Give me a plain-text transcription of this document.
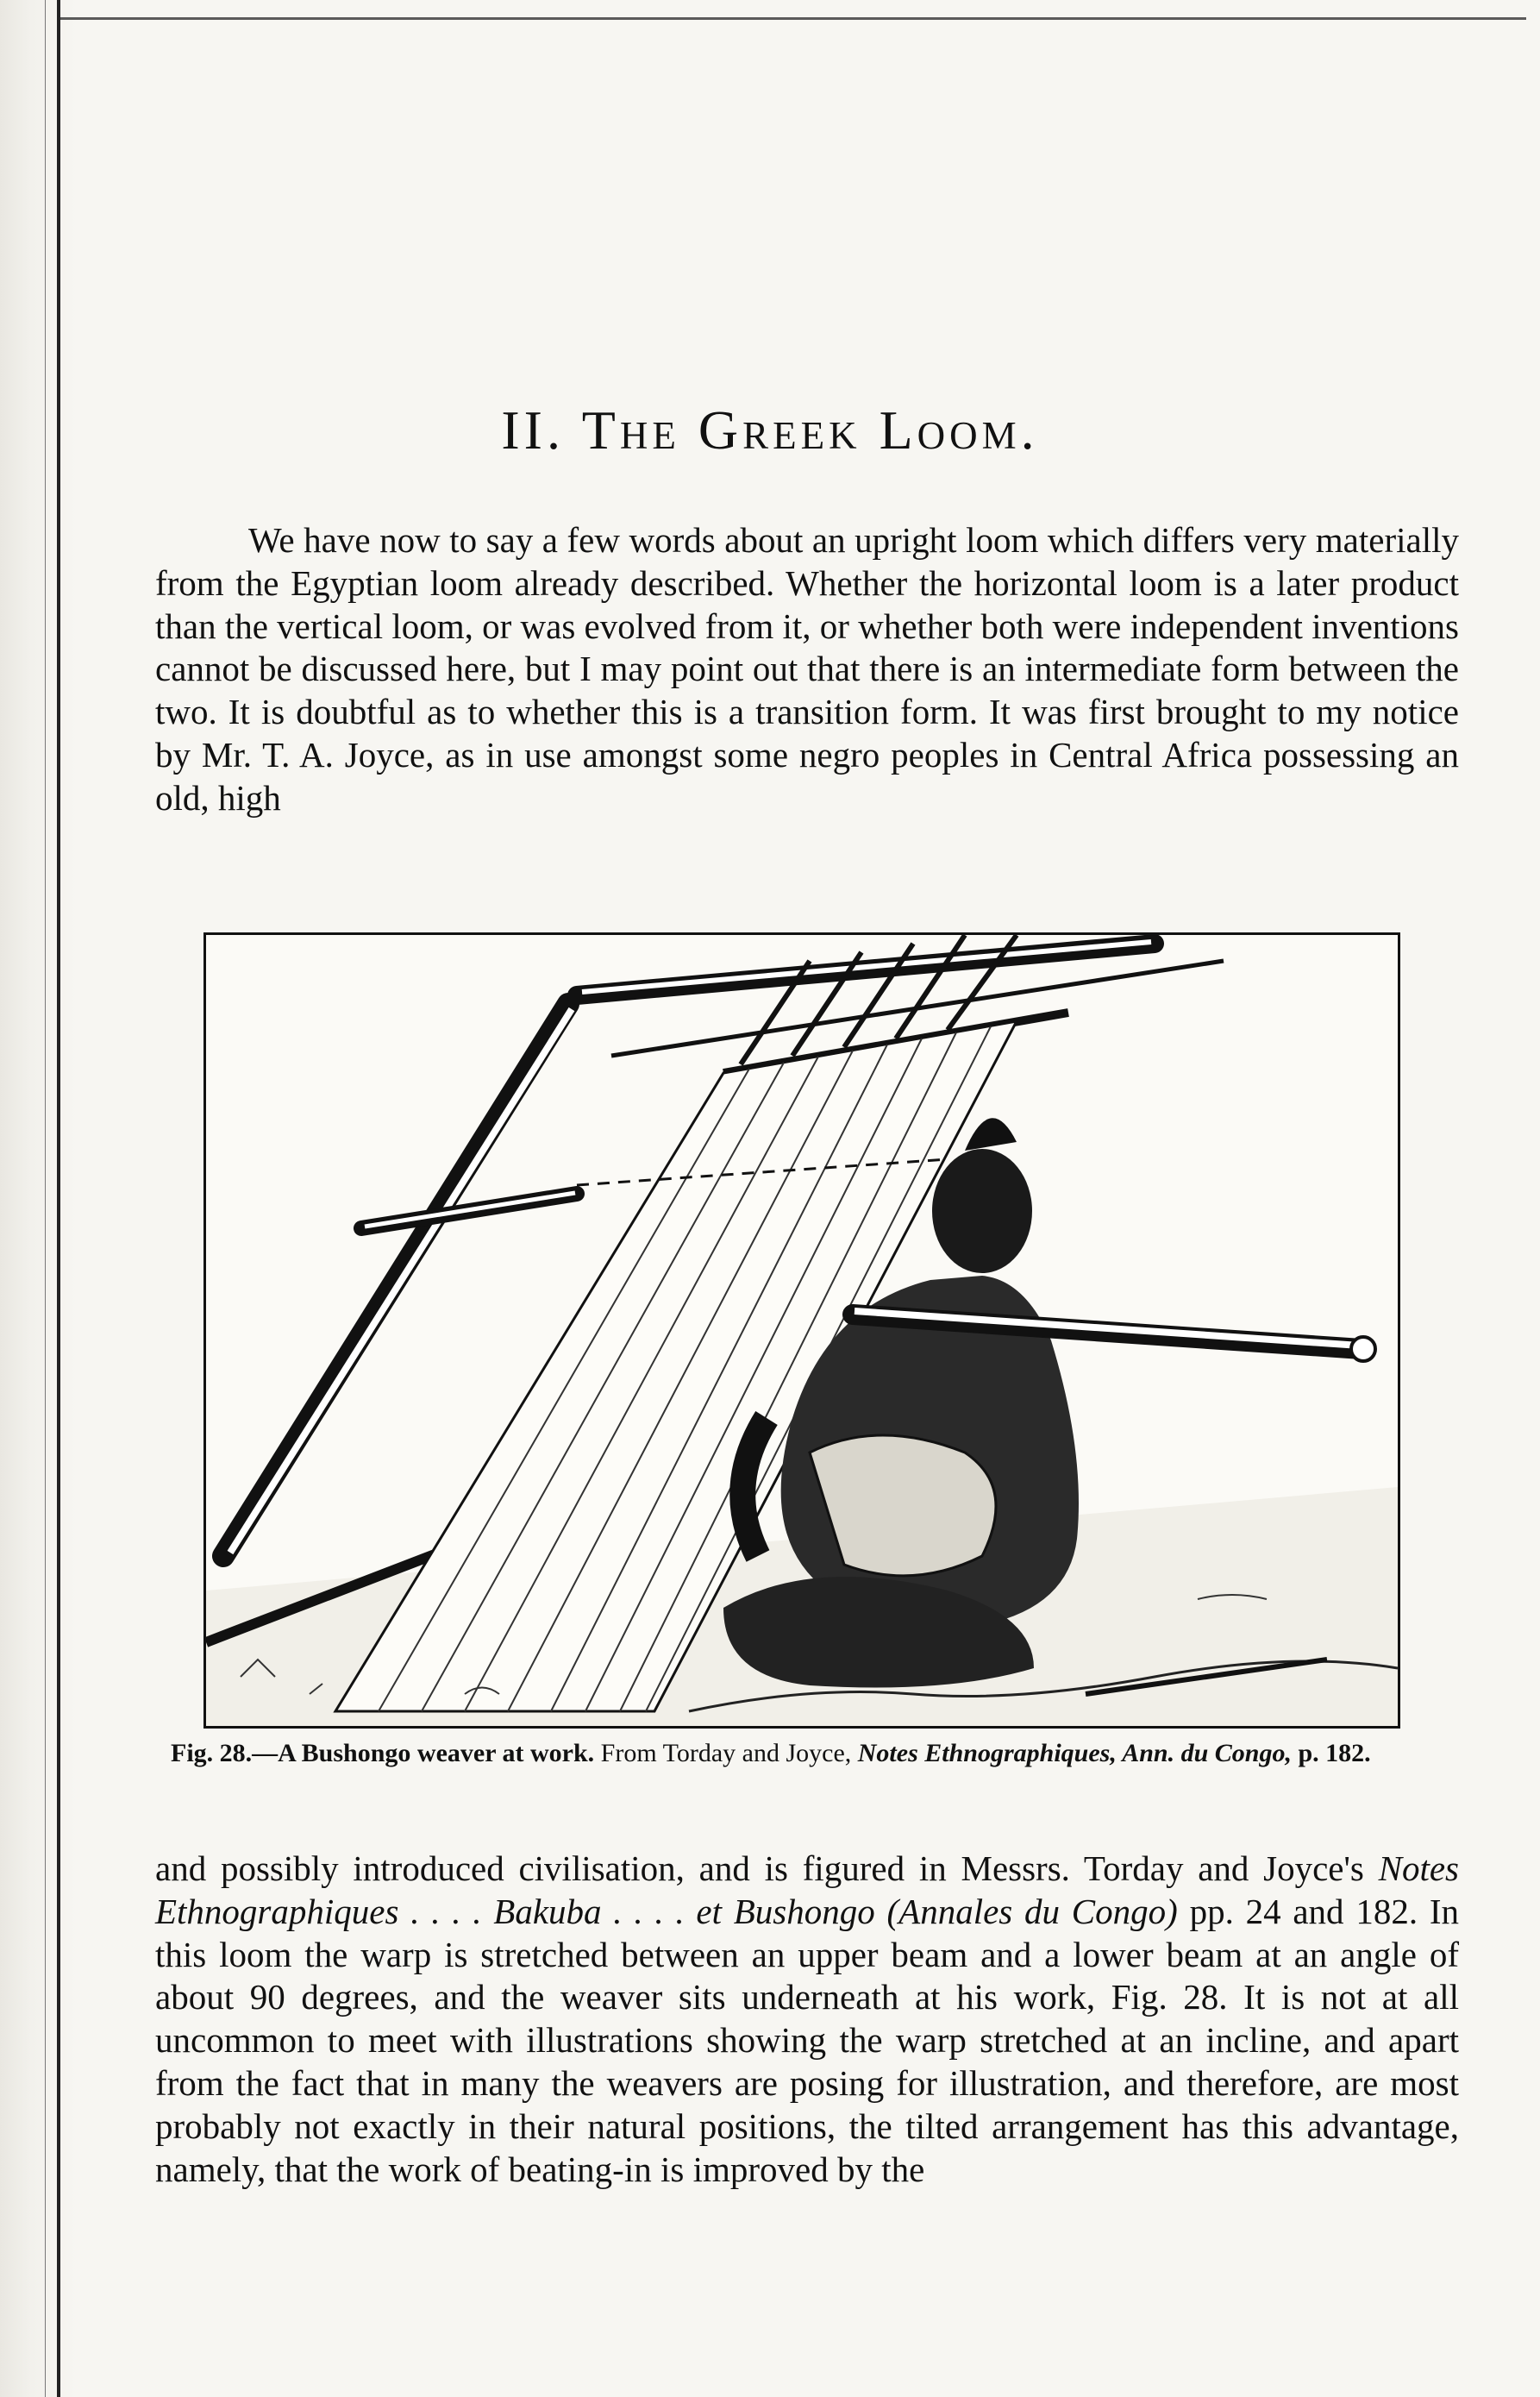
II. The Greek Loom.

We have now to say a few words about an upright loom which differs very materially from the Egyptian loom already described. Whether the horizontal loom is a later product than the vertical loom, or was evolved from it, or whether both were independent inventions cannot be discussed here, but I may point out that there is an intermediate form between the two. It is doubtful as to whether this is a transition form. It was first brought to my notice by Mr. T. A. Joyce, as in use amongst some negro peoples in Central Africa possessing an old, high

Fig. 28.—A Bushongo weaver at work. From Torday and Joyce, Notes Ethnographiques, Ann. du Congo, p. 182.

and possibly introduced civilisation, and is figured in Messrs. Torday and Joyce's Notes Ethnographiques . . . . Bakuba . . . . et Bushongo (Annales du Congo) pp. 24 and 182. In this loom the warp is stretched between an upper beam and a lower beam at an angle of about 90 degrees, and the weaver sits underneath at his work, Fig. 28. It is not at all uncommon to meet with illustrations showing the warp stretched at an incline, and apart from the fact that in many the weavers are posing for illustration, and therefore, are most probably not exactly in their natural positions, the tilted arrangement has this advantage, namely, that the work of beating-in is improved by the
